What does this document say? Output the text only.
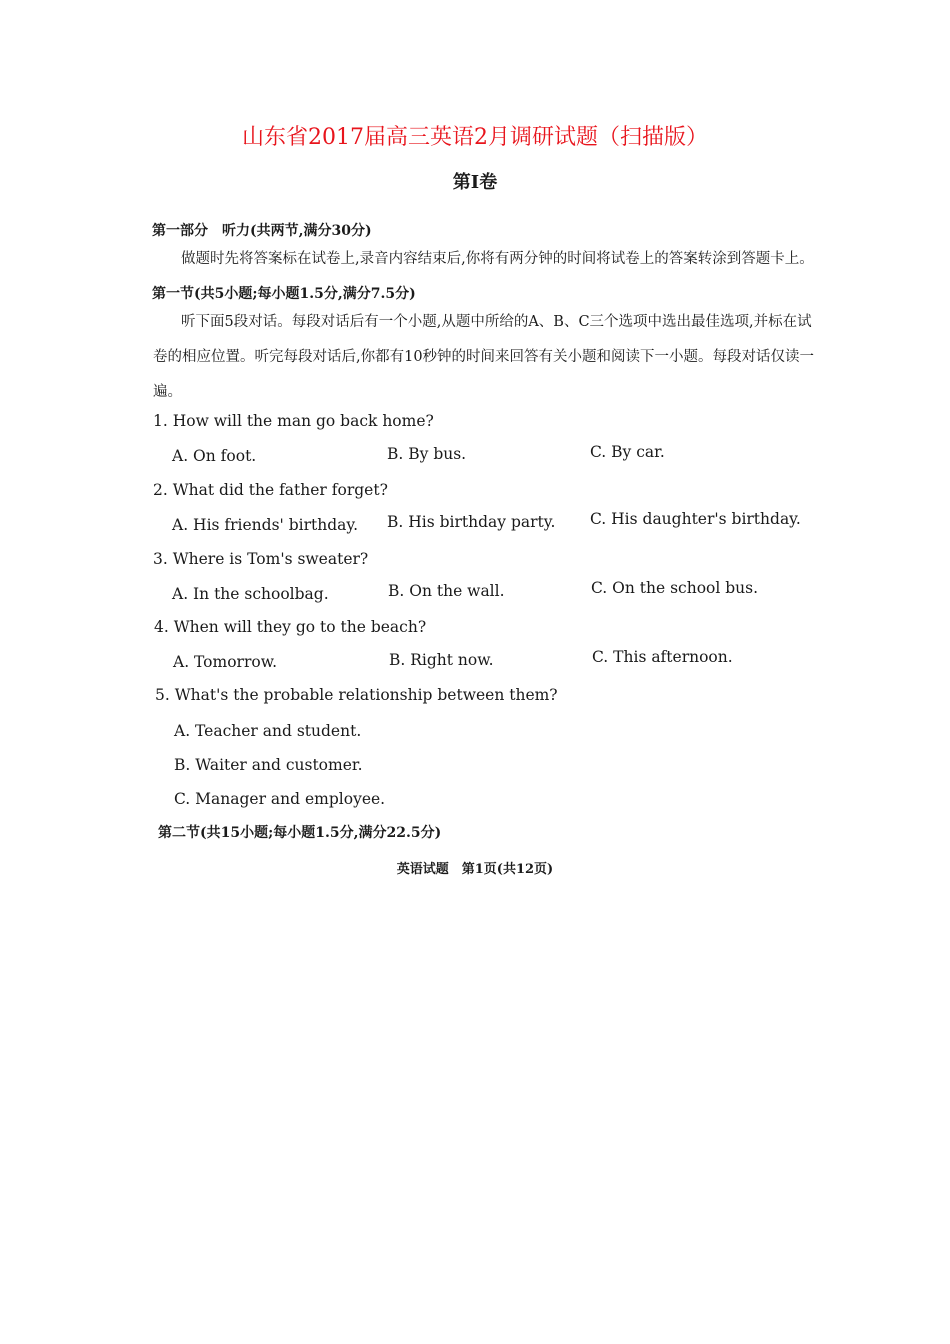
山东省2017届高三英语2月调研试题（扫描版）
第Ⅰ卷
第一部分　听力(共两节,满分30分)
做题时先将答案标在试卷上,录音内容结束后,你将有两分钟的时间将试卷上的答案转涂到答题卡上。
第一节(共5小题;每小题1.5分,满分7.5分)
听下面5段对话。每段对话后有一个小题,从题中所给的A、B、C三个选项中选出最佳选项,并标在试
卷的相应位置。听完每段对话后,你都有10秒钟的时间来回答有关小题和阅读下一小题。每段对话仅读一
遍。
1. How will the man go back home?
A. On foot.	B. By bus.	C. By car.
2. What did the father forget?
A. His friends' birthday. B. His birthday party. C. His daughter's birthday.
3. Where is Tom's sweater?
A. In the schoolbag.	B. On the wall.	C. On the school bus.
4. When will they go to the beach?
A. Tomorrow.	B. Right now.	C. This afternoon.
5. What's the probable relationship between them?
A. Teacher and student.
B. Waiter and customer.
C. Manager and employee.
第二节(共15小题;每小题1.5分,满分22.5分)
英语试题　第1页(共12页)
